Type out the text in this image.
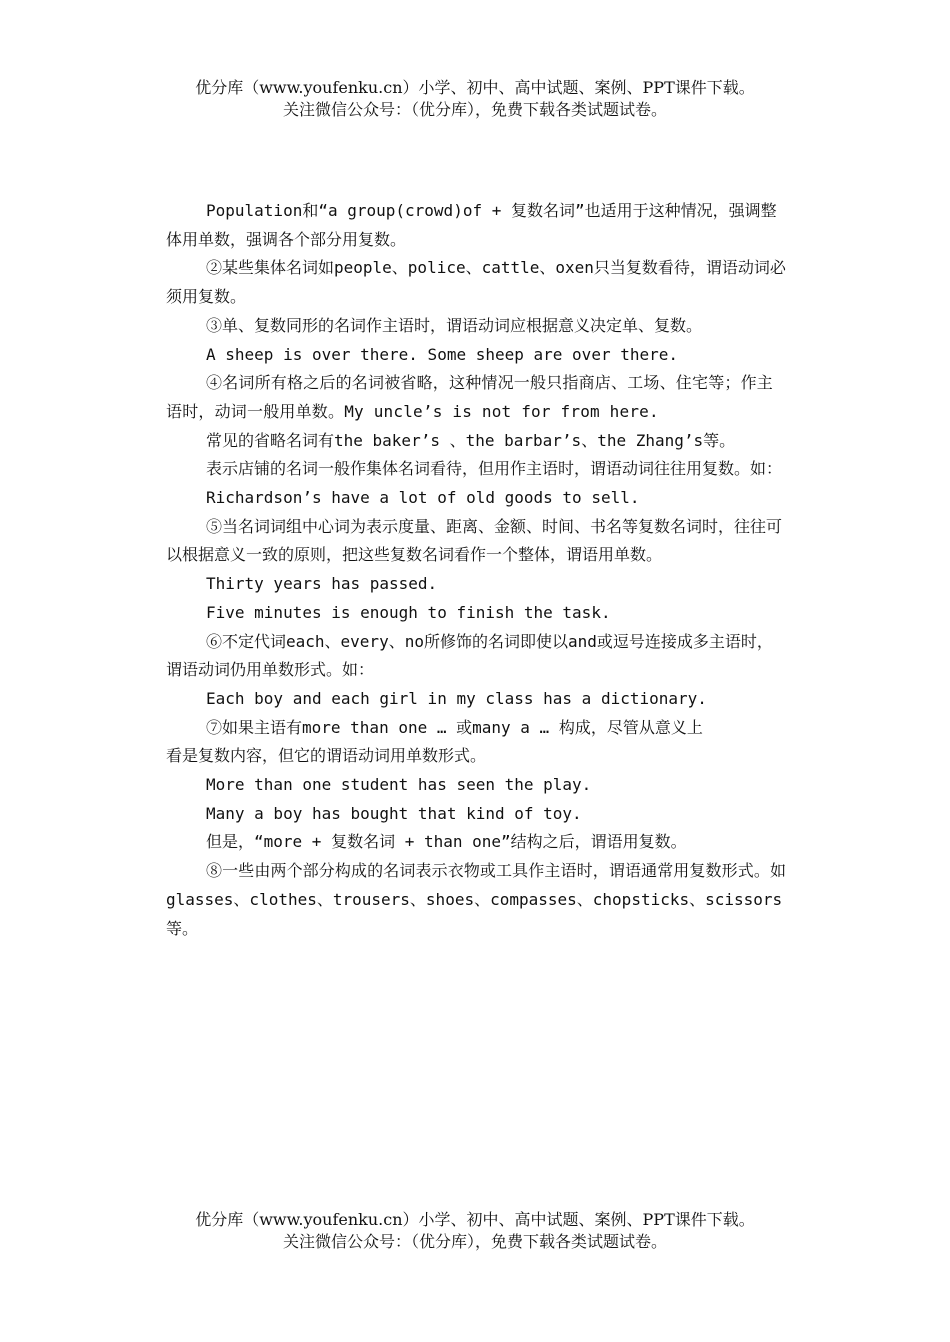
优分库（www.youfenku.cn）小学、初中、高中试题、案例、PPT课件下载。
关注微信公众号：（优分库），免费下载各类试题试卷。

Population和“a group(crowd)of + 复数名词”也适用于这种情况，强调整体用单数，强调各个部分用复数。

②某些集体名词如people、police、cattle、oxen只当复数看待，谓语动词必须用复数。

③单、复数同形的名词作主语时，谓语动词应根据意义决定单、复数。

A sheep is over there. Some sheep are over there.

④名词所有格之后的名词被省略，这种情况一般只指商店、工场、住宅等；作主语时，动词一般用单数。My uncle’s is not for from here.

常见的省略名词有the baker’s 、the barbar’s、the Zhang’s等。

表示店铺的名词一般作集体名词看待，但用作主语时，谓语动词往往用复数。如：

Richardson’s have a lot of old goods to sell.

⑤当名词词组中心词为表示度量、距离、金额、时间、书名等复数名词时，往往可以根据意义一致的原则，把这些复数名词看作一个整体，谓语用单数。

Thirty years has passed.

Five minutes is enough to finish the task.

⑥不定代词each、every、no所修饰的名词即使以and或逗号连接成多主语时，谓语动词仍用单数形式。如：

Each boy and each girl in my class has a dictionary.

⑦如果主语有more than one … 或many a … 构成，尽管从意义上

看是复数内容，但它的谓语动词用单数形式。

More than one student has seen the play.

Many a boy has bought that kind of toy.

但是，“more + 复数名词 + than one”结构之后，谓语用复数。

⑧一些由两个部分构成的名词表示衣物或工具作主语时，谓语通常用复数形式。如

glasses、clothes、trousers、shoes、compasses、chopsticks、scissors等。

优分库（www.youfenku.cn）小学、初中、高中试题、案例、PPT课件下载。
关注微信公众号：（优分库），免费下载各类试题试卷。
